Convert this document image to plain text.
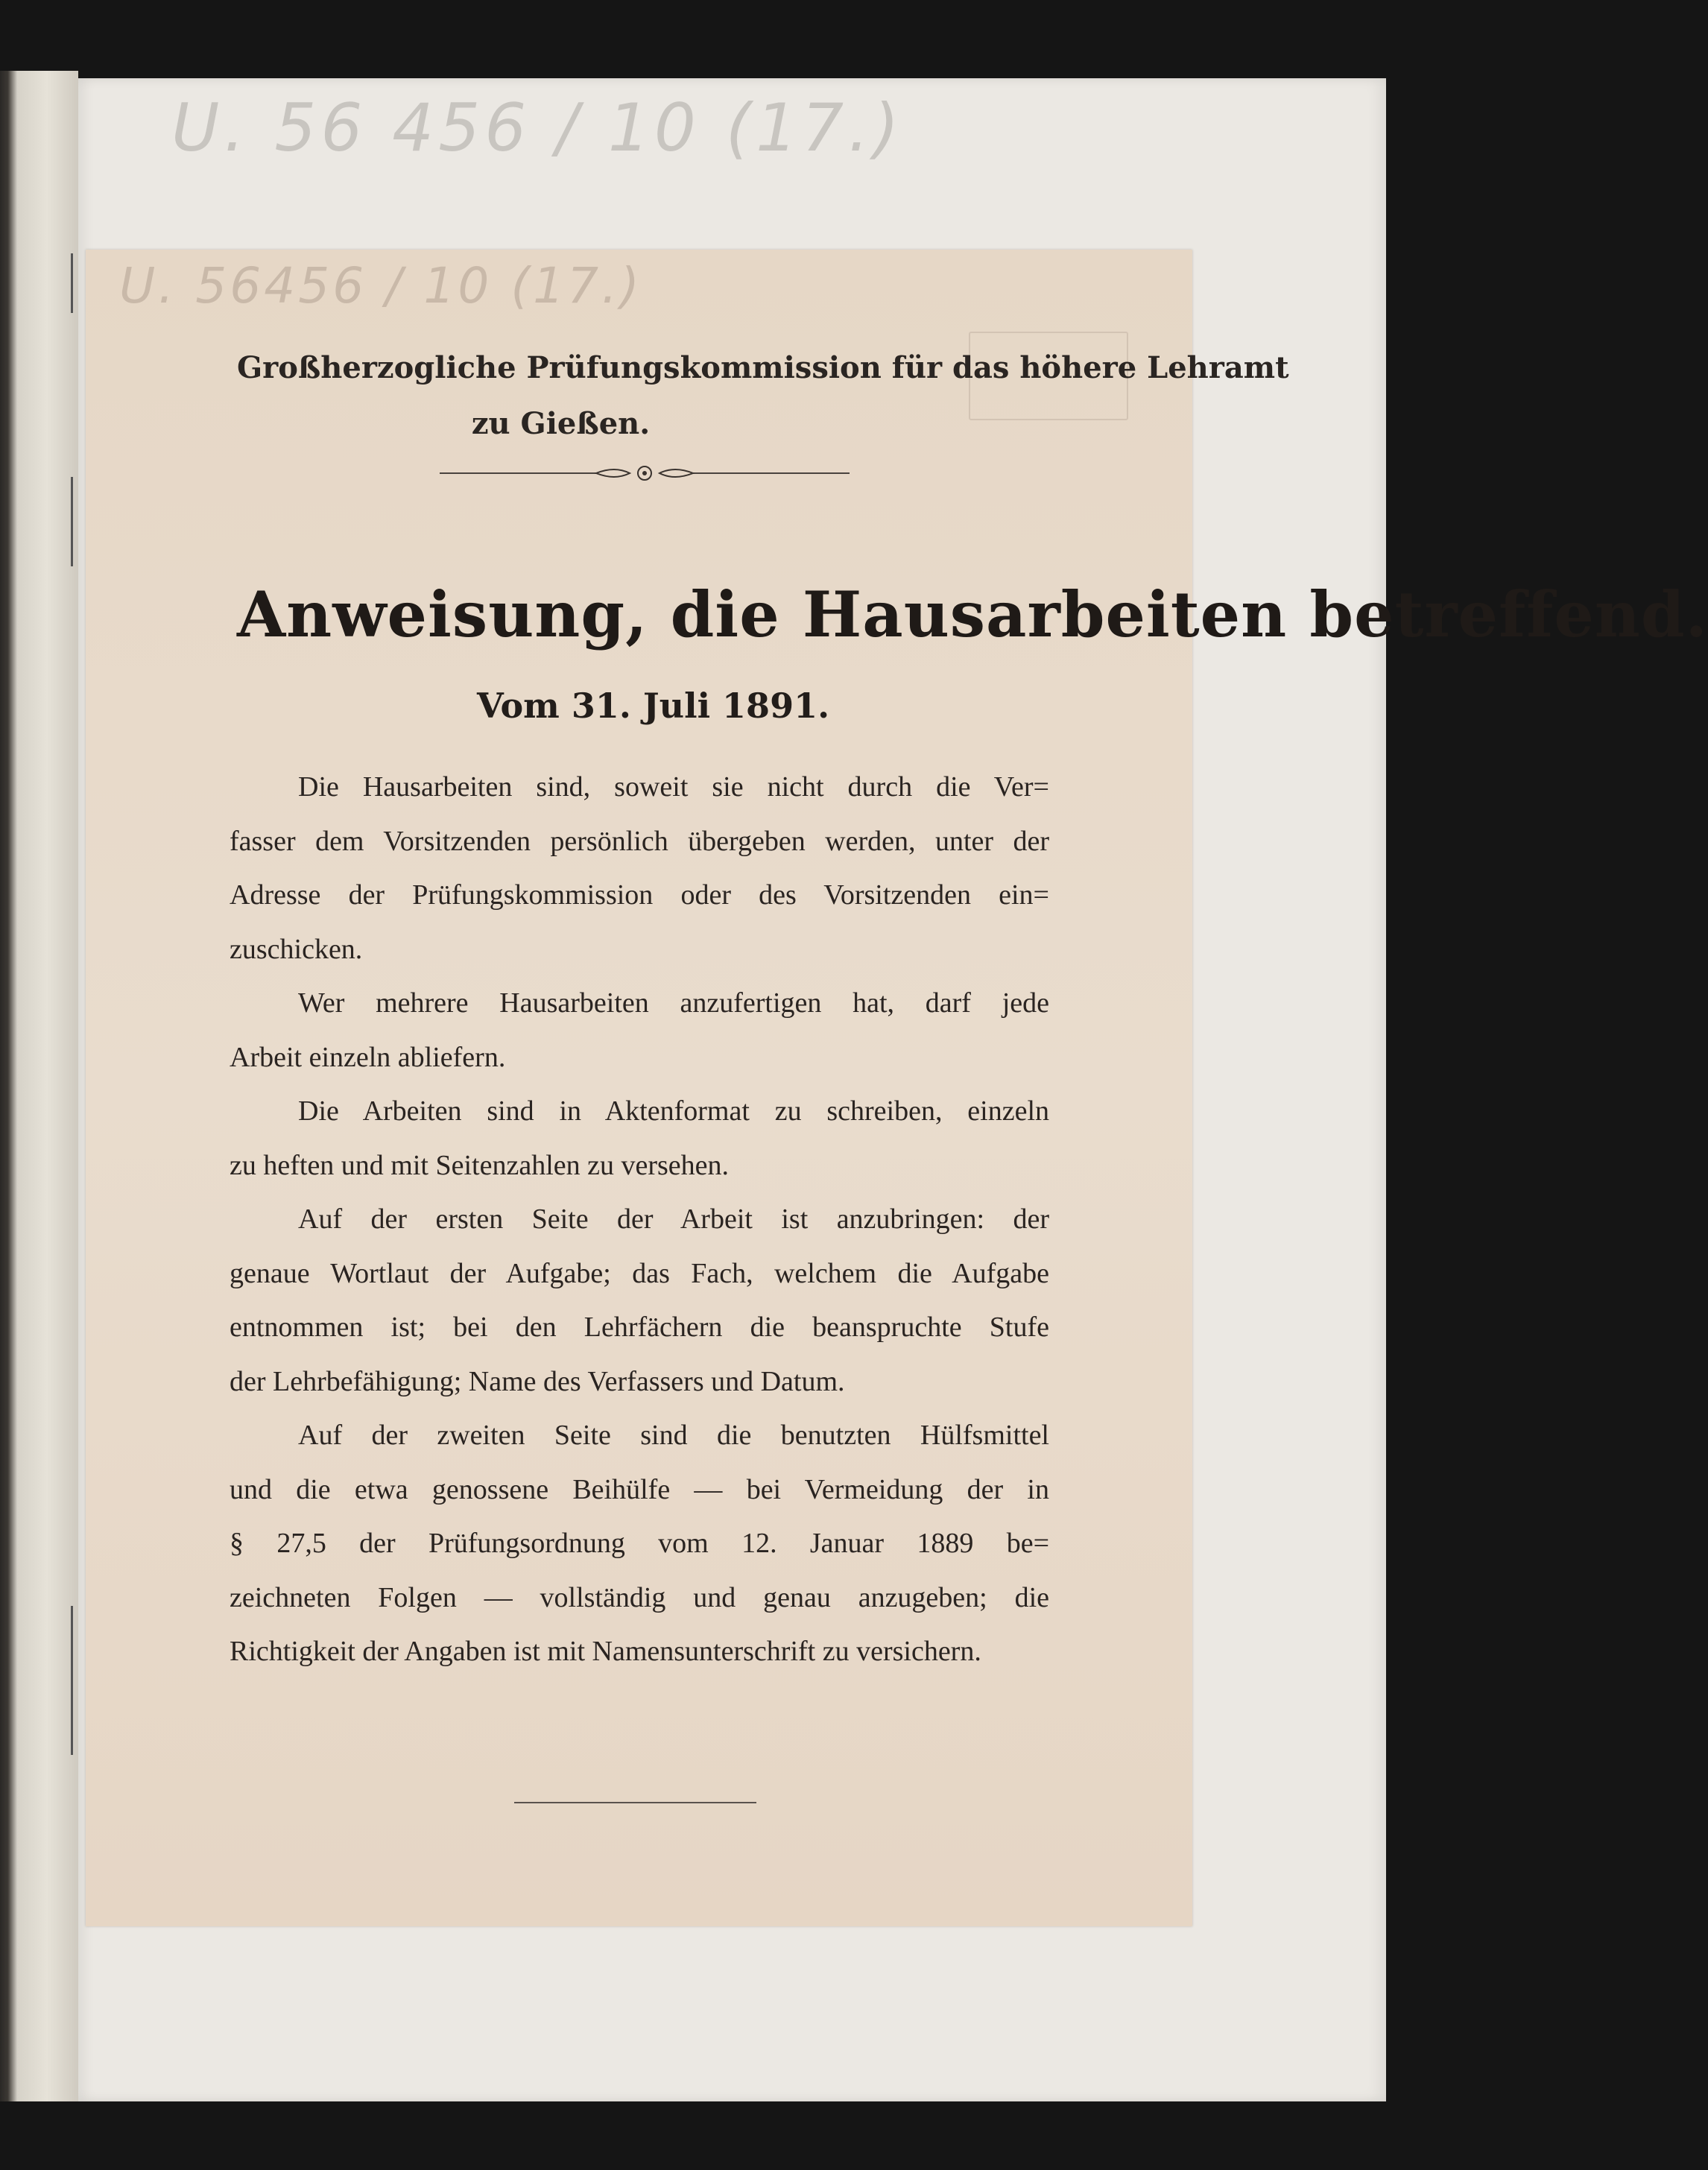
U. 56 456 / 10 (17.)
U. 56456 / 10 (17.)
Großherzogliche Prüfungskommission für das höhere Lehramt
zu Gießen.
Anweisung, die Hausarbeiten betreffend.
Vom 31. Juli 1891.
Die Hausarbeiten sind, soweit sie nicht durch die Ver=
fasser dem Vorsitzenden persönlich übergeben werden, unter der
Adresse der Prüfungskommission oder des Vorsitzenden ein=
zuschicken.
Wer mehrere Hausarbeiten anzufertigen hat, darf jede
Arbeit einzeln abliefern.
Die Arbeiten sind in Aktenformat zu schreiben, einzeln
zu heften und mit Seitenzahlen zu versehen.
Auf der ersten Seite der Arbeit ist anzubringen: der
genaue Wortlaut der Aufgabe; das Fach, welchem die Aufgabe
entnommen ist; bei den Lehrfächern die beanspruchte Stufe
der Lehrbefähigung; Name des Verfassers und Datum.
Auf der zweiten Seite sind die benutzten Hülfsmittel
und die etwa genossene Beihülfe — bei Vermeidung der in
§ 27,5 der Prüfungsordnung vom 12. Januar 1889 be=
zeichneten Folgen — vollständig und genau anzugeben; die
Richtigkeit der Angaben ist mit Namensunterschrift zu versichern.
